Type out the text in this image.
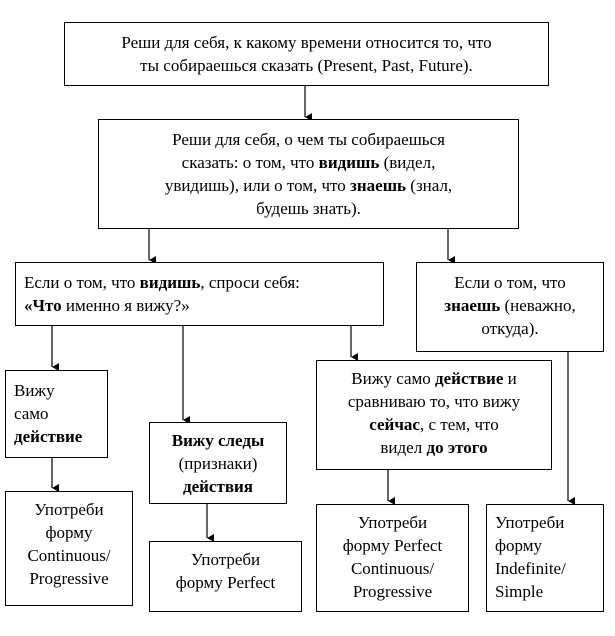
Реши для себя, к какому времени относится то, что
ты собираешься сказать (Present, Past, Future).
Реши для себя, о чем ты собираешься
сказать: о том, что видишь (видел,
увидишь), или о том, что знаешь (знал,
будешь знать).
Если о том, что видишь, спроси себя:
«Что именно я вижу?»
Если о том, что
знаешь (неважно,
откуда).
Вижу
само
действие	Вижу следы
(признаки)
действия
Вижу само действие и
сравниваю то, что вижу
сейчас, с тем, что
видел до этого
Употреби
форму
Continuous/
Progressive
Употреби
форму Perfect
Употреби
форму Perfect
Continuous/
Progressive
Употреби
форму
Indefinite/
Simple
